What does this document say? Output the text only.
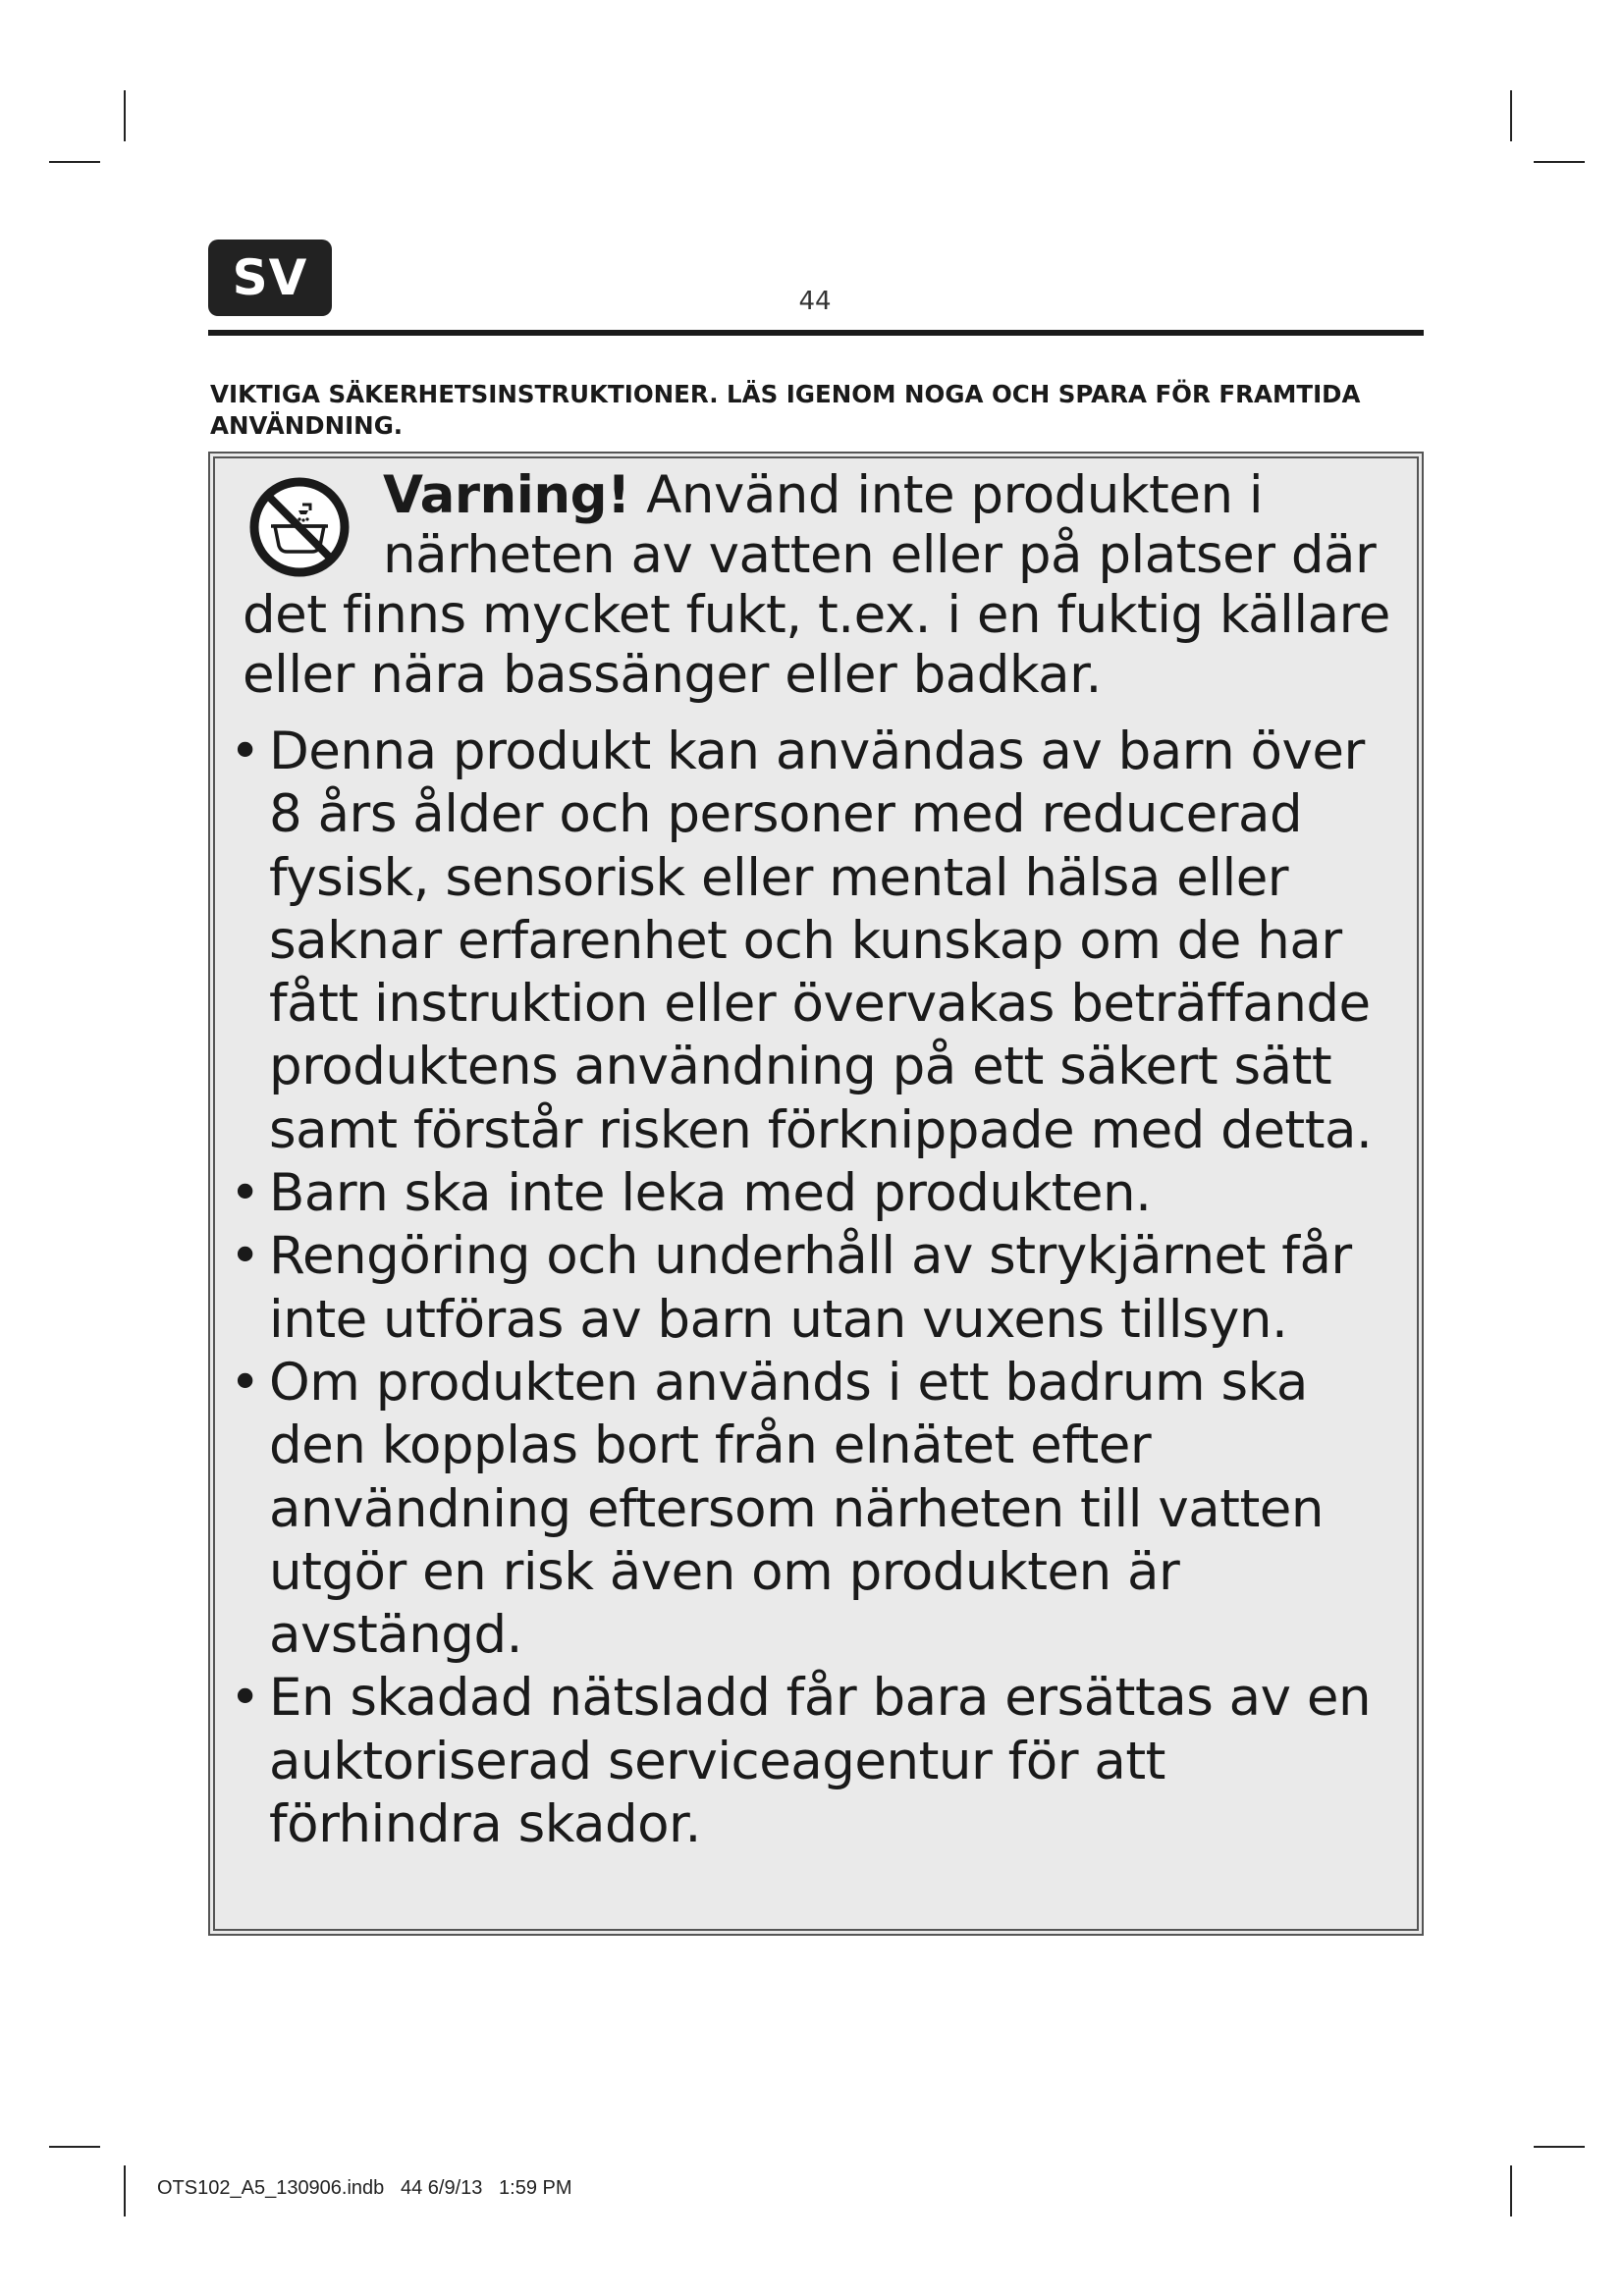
SV	44
VIKTIGA SÄKERHETSINSTRUKTIONER. LÄS IGENOM NOGA OCH SPARA FÖR FRAMTIDA ANVÄNDNING.

Varning! Använd inte produkten i närheten av vatten eller på platser där det finns mycket fukt, t.ex. i en fuktig källare eller nära bassänger eller badkar.

• Denna produkt kan användas av barn över 8 års ålder och personer med reducerad fysisk, sensorisk eller mental hälsa eller saknar erfarenhet och kunskap om de har fått instruktion eller övervakas beträffande produktens användning på ett säkert sätt samt förstår risken förknippade med detta.
• Barn ska inte leka med produkten.
• Rengöring och underhåll av strykjärnet får inte utföras av barn utan vuxens tillsyn.
• Om produkten används i ett badrum ska den kopplas bort från elnätet efter användning eftersom närheten till vatten utgör en risk även om produkten är avstängd.
• En skadad nätsladd får bara ersättas av en auktoriserad serviceagentur för att förhindra skador.
OTS102_A5_130906.indb   44 6/9/13   1:59 PM
